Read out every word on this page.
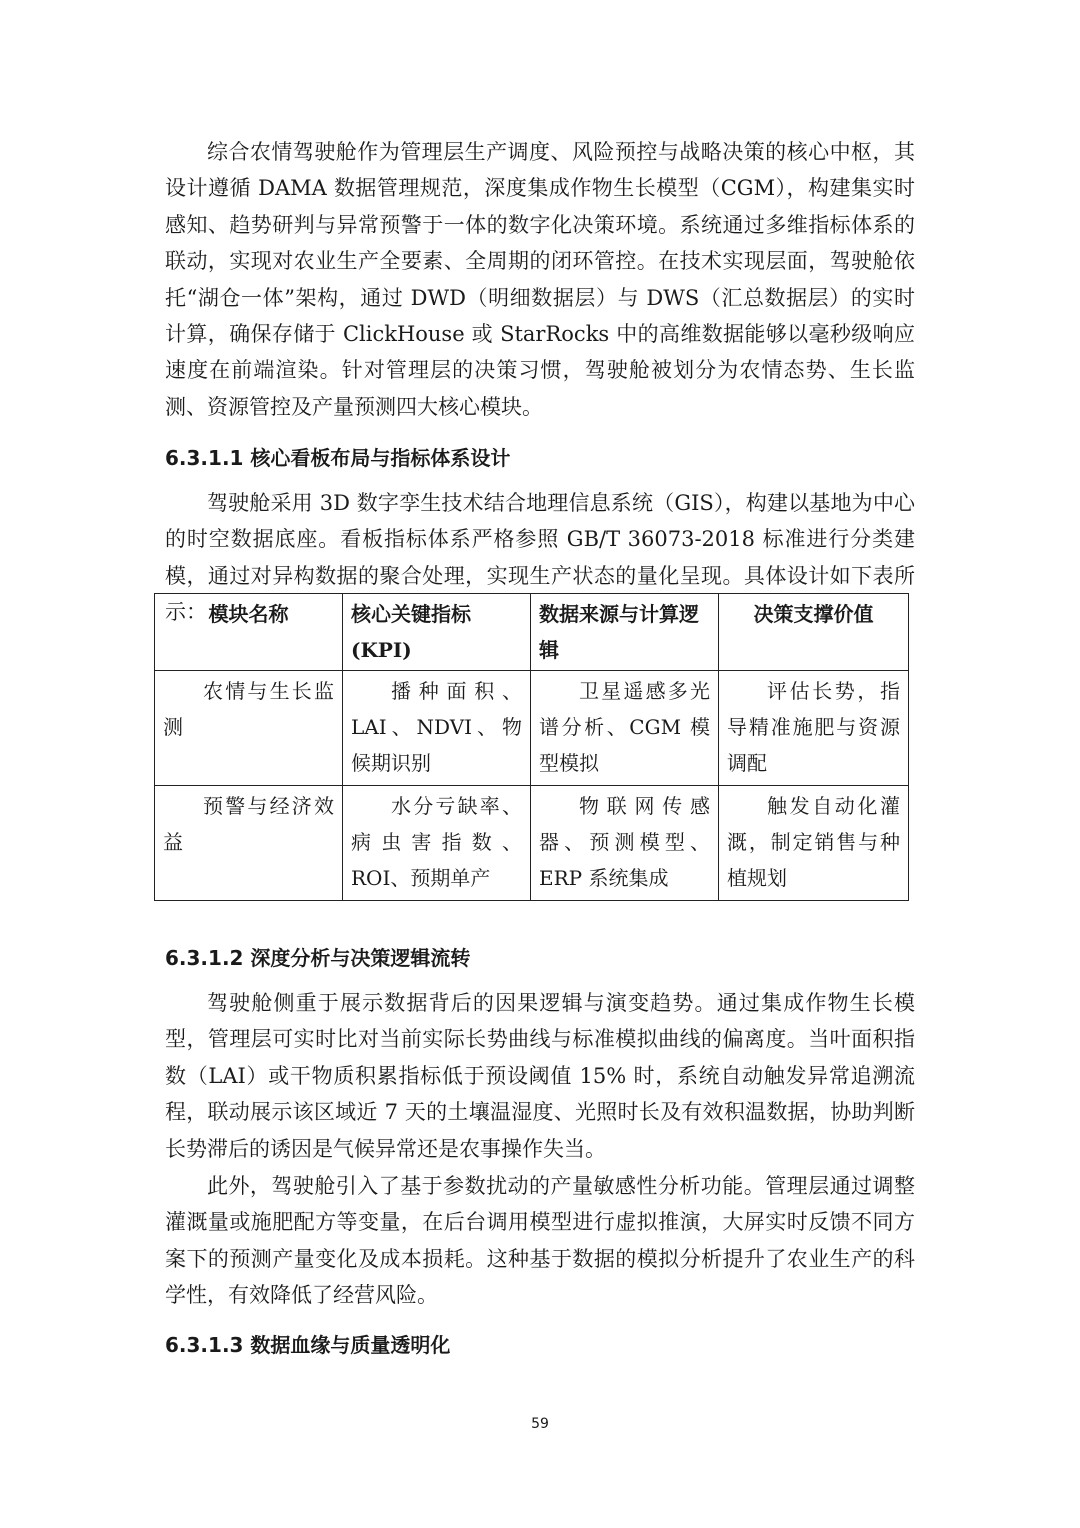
综合农情驾驶舱作为管理层生产调度、风险预控与战略决策的核心中枢，其设计遵循 DAMA 数据管理规范，深度集成作物生长模型（CGM），构建集实时感知、趋势研判与异常预警于一体的数字化决策环境。系统通过多维指标体系的联动，实现对农业生产全要素、全周期的闭环管控。在技术实现层面，驾驶舱依托“湖仓一体”架构，通过 DWD（明细数据层）与 DWS（汇总数据层）的实时计算，确保存储于 ClickHouse 或 StarRocks 中的高维数据能够以毫秒级响应速度在前端渲染。针对管理层的决策习惯，驾驶舱被划分为农情态势、生长监测、资源管控及产量预测四大核心模块。

6.3.1.1 核心看板布局与指标体系设计

驾驶舱采用 3D 数字孪生技术结合地理信息系统（GIS），构建以基地为中心的时空数据底座。看板指标体系严格参照 GB/T 36073-2018 标准进行分类建模，通过对异构数据的聚合处理，实现生产状态的量化呈现。具体设计如下表所示： 模块名称	核心关键指标(KPI)	数据来源与计算逻辑	决策支撑价值
农情与生长监测	播种面积、LAI、NDVI、物候期识别	卫星遥感多光谱分析、CGM 模型模拟	评估长势，指导精准施肥与资源调配
预警与经济效益	水分亏缺率、病虫害指数、ROI、预期单产	物联网传感器、预测模型、ERP 系统集成	触发自动化灌溉，制定销售与种植规划
6.3.1.2 深度分析与决策逻辑流转

驾驶舱侧重于展示数据背后的因果逻辑与演变趋势。通过集成作物生长模型，管理层可实时比对当前实际长势曲线与标准模拟曲线的偏离度。当叶面积指数（LAI）或干物质积累指标低于预设阈值 15% 时，系统自动触发异常追溯流程，联动展示该区域近 7 天的土壤温湿度、光照时长及有效积温数据，协助判断长势滞后的诱因是气候异常还是农事操作失当。

此外，驾驶舱引入了基于参数扰动的产量敏感性分析功能。管理层通过调整灌溉量或施肥配方等变量，在后台调用模型进行虚拟推演，大屏实时反馈不同方案下的预测产量变化及成本损耗。这种基于数据的模拟分析提升了农业生产的科学性，有效降低了经营风险。

6.3.1.3 数据血缘与质量透明化
59
